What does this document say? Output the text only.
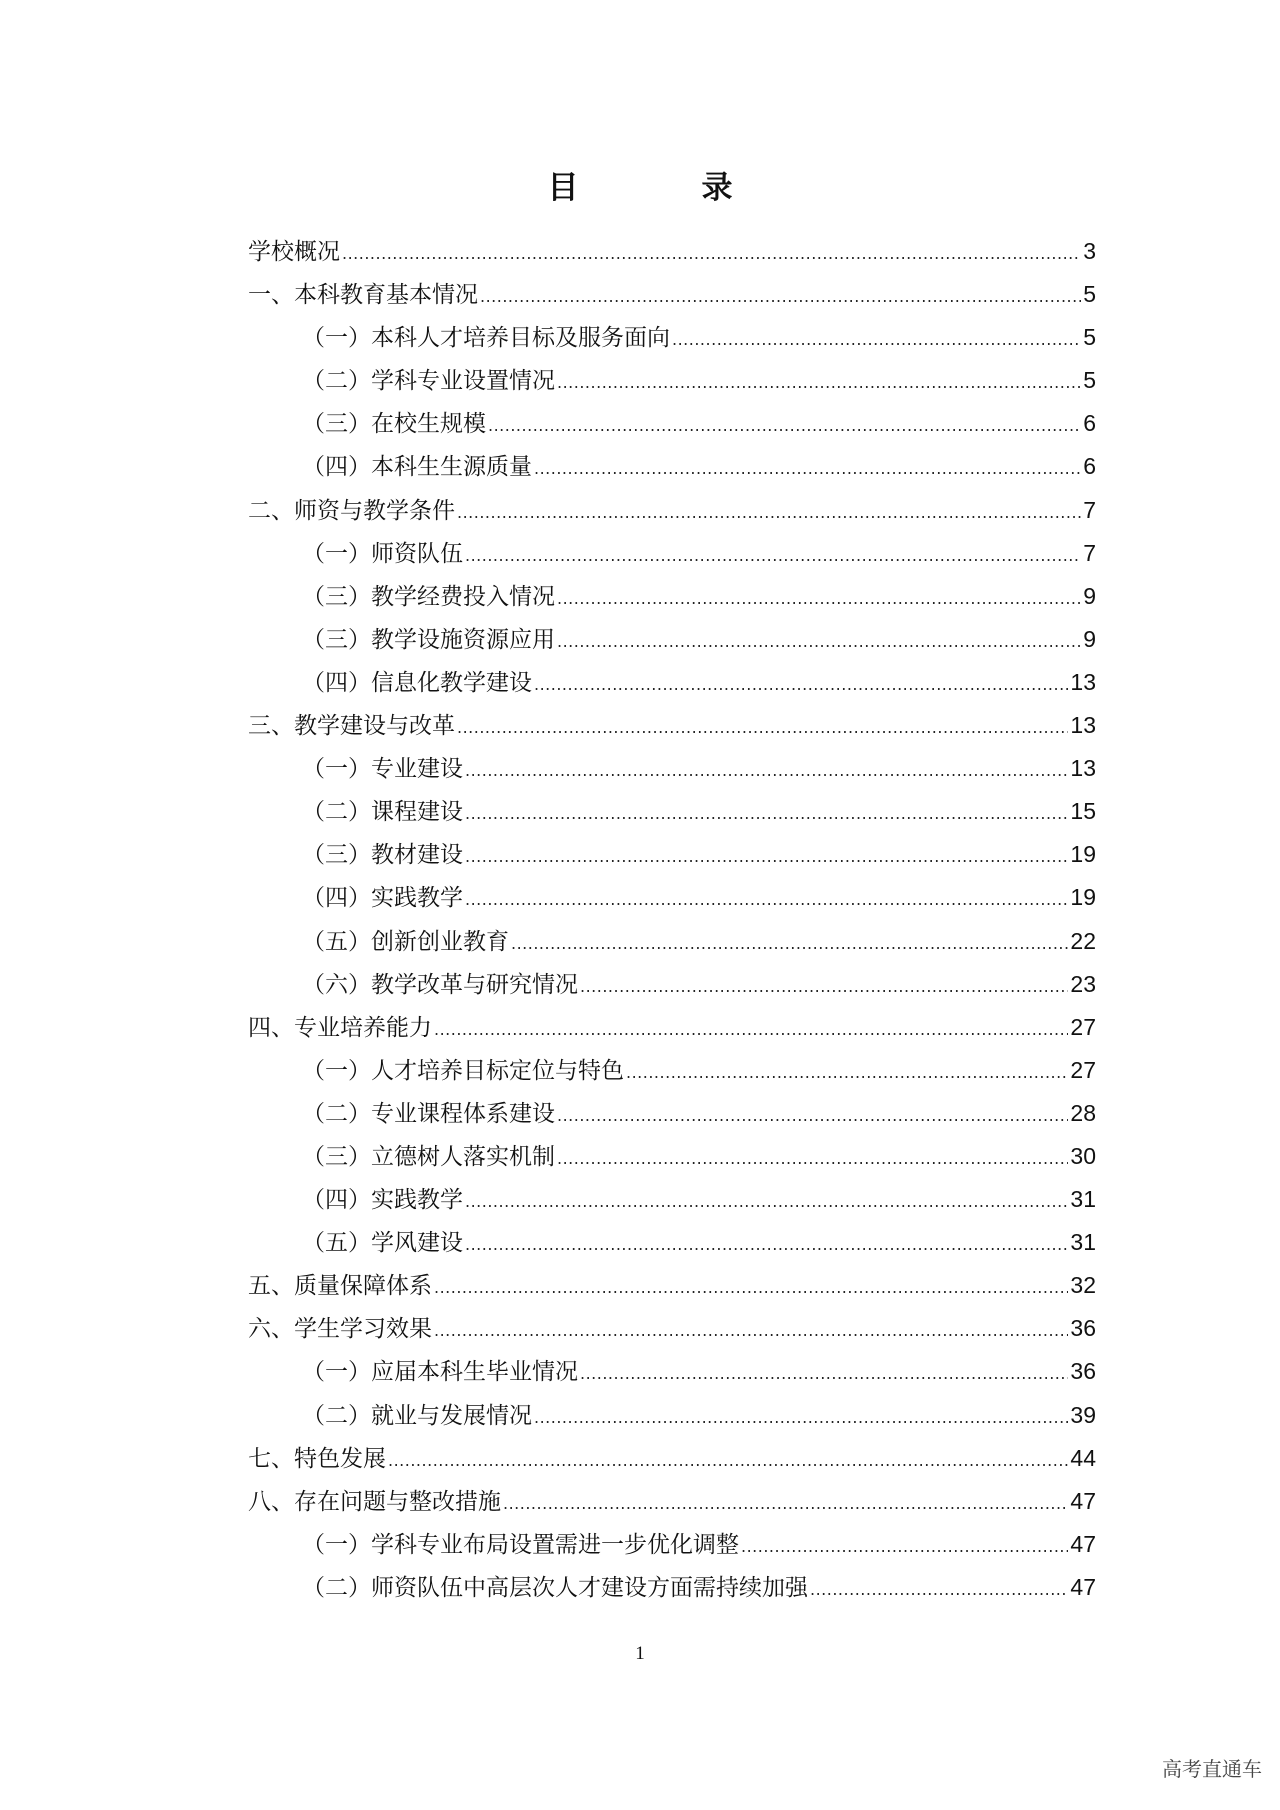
目　录
学校概况 .....	3
一、本科教育基本情况 .....	5
（一）本科人才培养目标及服务面向 .....	5
（二）学科专业设置情况 .....	5
（三）在校生规模 .....	6
（四）本科生生源质量 .....	6
二、师资与教学条件 .....	7
（一）师资队伍 .....	7
（三）教学经费投入情况 .....	9
（三）教学设施资源应用 .....	9
（四）信息化教学建设 .....	13
三、教学建设与改革 .....	13
（一）专业建设 .....	13
（二）课程建设 .....	15
（三）教材建设 .....	19
（四）实践教学 .....	19
（五）创新创业教育 .....	22
（六）教学改革与研究情况 .....	23
四、专业培养能力 .....	27
（一）人才培养目标定位与特色 .....	27
（二）专业课程体系建设 .....	28
（三）立德树人落实机制 .....	30
（四）实践教学 .....	31
（五）学风建设 .....	31
五、质量保障体系 .....	32
六、学生学习效果 .....	36
（一）应届本科生毕业情况 .....	36
（二）就业与发展情况 .....	39
七、特色发展 .....	44
八、存在问题与整改措施 .....	47
（一）学科专业布局设置需进一步优化调整 .....	47
（二）师资队伍中高层次人才建设方面需持续加强 .....	47
1
高考直通车
